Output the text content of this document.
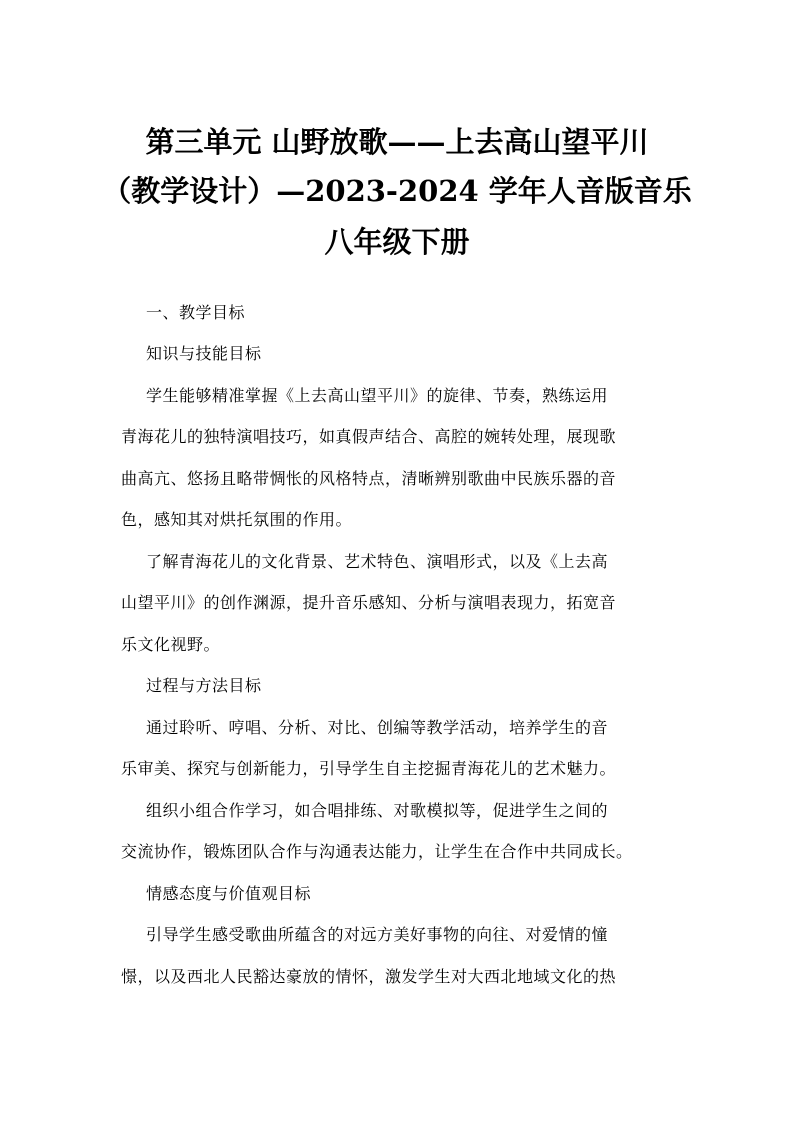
第三单元 山野放歌——上去高山望平川
（教学设计）—2023-2024 学年人音版音乐
八年级下册
一、教学目标
知识与技能目标
学生能够精准掌握《上去高山望平川》的旋律、节奏，熟练运用
青海花儿的独特演唱技巧，如真假声结合、高腔的婉转处理，展现歌
曲高亢、悠扬且略带惆怅的风格特点，清晰辨别歌曲中民族乐器的音
色，感知其对烘托氛围的作用。
了解青海花儿的文化背景、艺术特色、演唱形式，以及《上去高
山望平川》的创作渊源，提升音乐感知、分析与演唱表现力，拓宽音
乐文化视野。
过程与方法目标
通过聆听、哼唱、分析、对比、创编等教学活动，培养学生的音
乐审美、探究与创新能力，引导学生自主挖掘青海花儿的艺术魅力。
组织小组合作学习，如合唱排练、对歌模拟等，促进学生之间的
交流协作，锻炼团队合作与沟通表达能力，让学生在合作中共同成长。
情感态度与价值观目标
引导学生感受歌曲所蕴含的对远方美好事物的向往、对爱情的憧
憬，以及西北人民豁达豪放的情怀，激发学生对大西北地域文化的热
